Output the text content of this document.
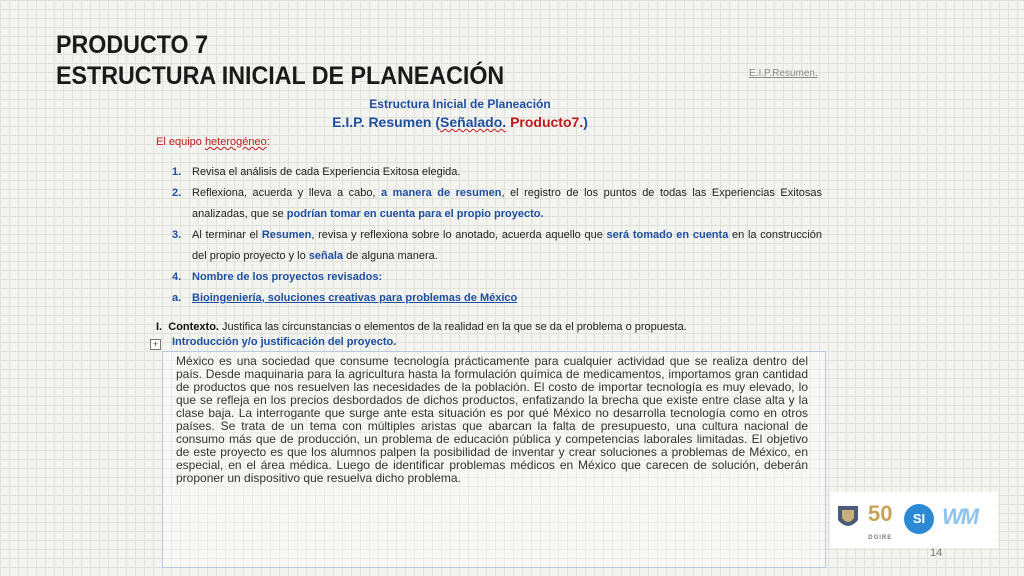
PRODUCTO 7
ESTRUCTURA INICIAL DE PLANEACIÓN	E.I.P.Resumen.
Estructura Inicial de Planeación
E.I.P. Resumen (Señalado. Producto7.)
El equipo heterogéneo:
1. Revisa el análisis de cada Experiencia Exitosa elegida.
2. Reflexiona, acuerda y lleva a cabo, a manera de resumen, el registro de los puntos de todas las Experiencias Exitosas analizadas, que se podrían tomar en cuenta para el propio proyecto.
3. Al terminar el Resumen, revisa y reflexiona sobre lo anotado, acuerda aquello que será tomado en cuenta en la construcción del propio proyecto y lo señala de alguna manera.
4. Nombre de los proyectos revisados:
a. Bioingeniería, soluciones creativas para problemas de México
I. Contexto. Justifica las circunstancias o elementos de la realidad en la que se da el problema o propuesta.
+ Introducción y/o justificación del proyecto.

México es una sociedad que consume tecnología prácticamente para cualquier actividad que se realiza dentro del país. Desde maquinaria para la agricultura hasta la formulación química de medicamentos, importamos gran cantidad de productos que nos resuelven las necesidades de la población. El costo de importar tecnología es muy elevado, lo que se refleja en los precios desbordados de dichos productos, enfatizando la brecha que existe entre clase alta y la clase baja. La interrogante que surge ante esta situación es por qué México no desarrolla tecnología como en otros países. Se trata de un tema con múltiples aristas que abarcan la falta de presupuesto, una cultura nacional de consumo más que de producción, un problema de educación pública y competencias laborales limitadas. El objetivo de este proyecto es que los alumnos palpen la posibilidad de inventar y crear soluciones a problemas de México, en especial, en el área médica. Luego de identificar problemas médicos en México que carecen de solución, deberán proponer un dispositivo que resuelva dicho problema.

50
DGIRE
SI WM
14
